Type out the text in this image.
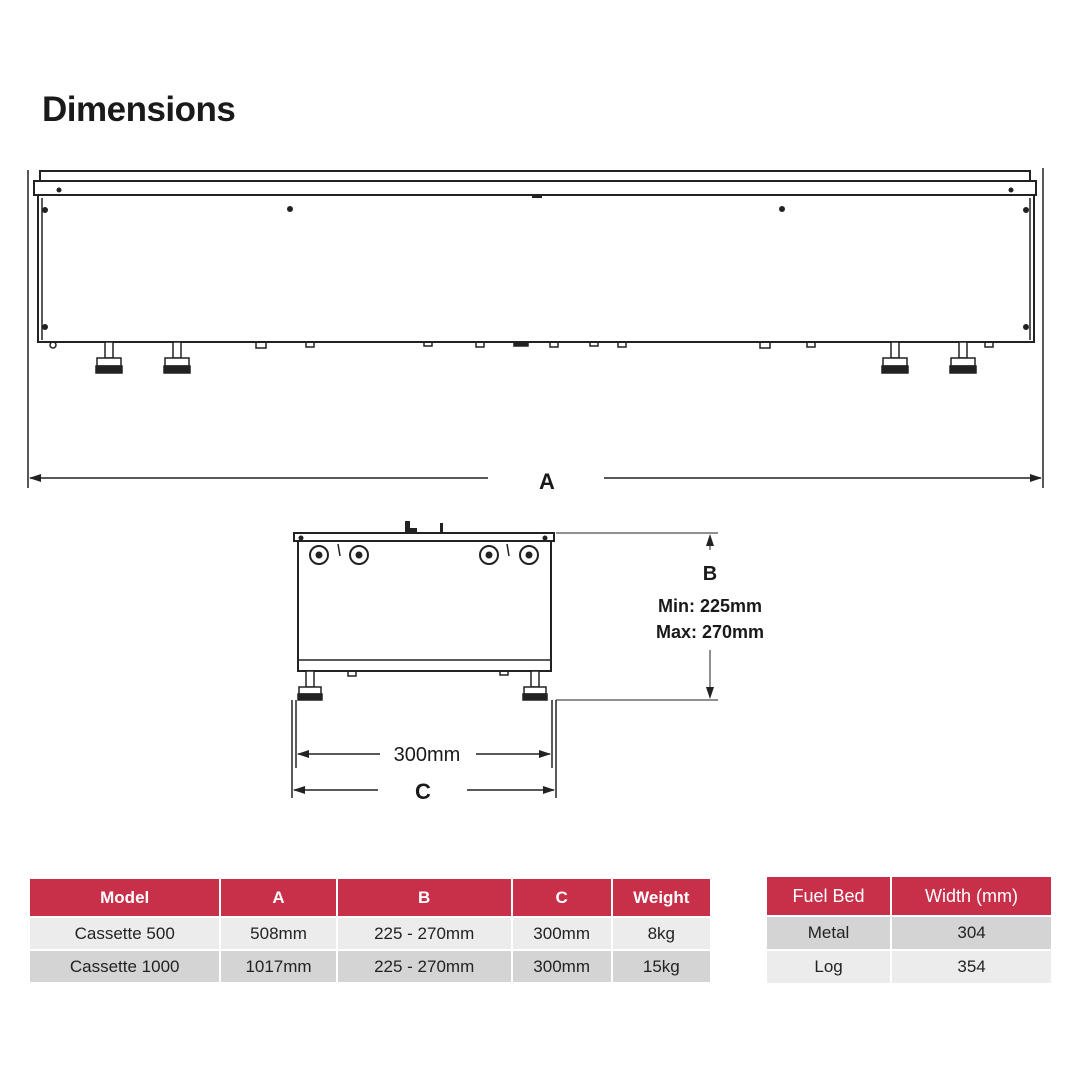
Dimensions
A
B
Min: 225mm
Max: 270mm
300mm
C
Model	A	B	C	Weight
Cassette 500	508mm	225 - 270mm	300mm	8kg
Cassette 1000	1017mm	225 - 270mm	300mm	15kg
Fuel Bed	Width (mm)
Metal	304
Log	354
